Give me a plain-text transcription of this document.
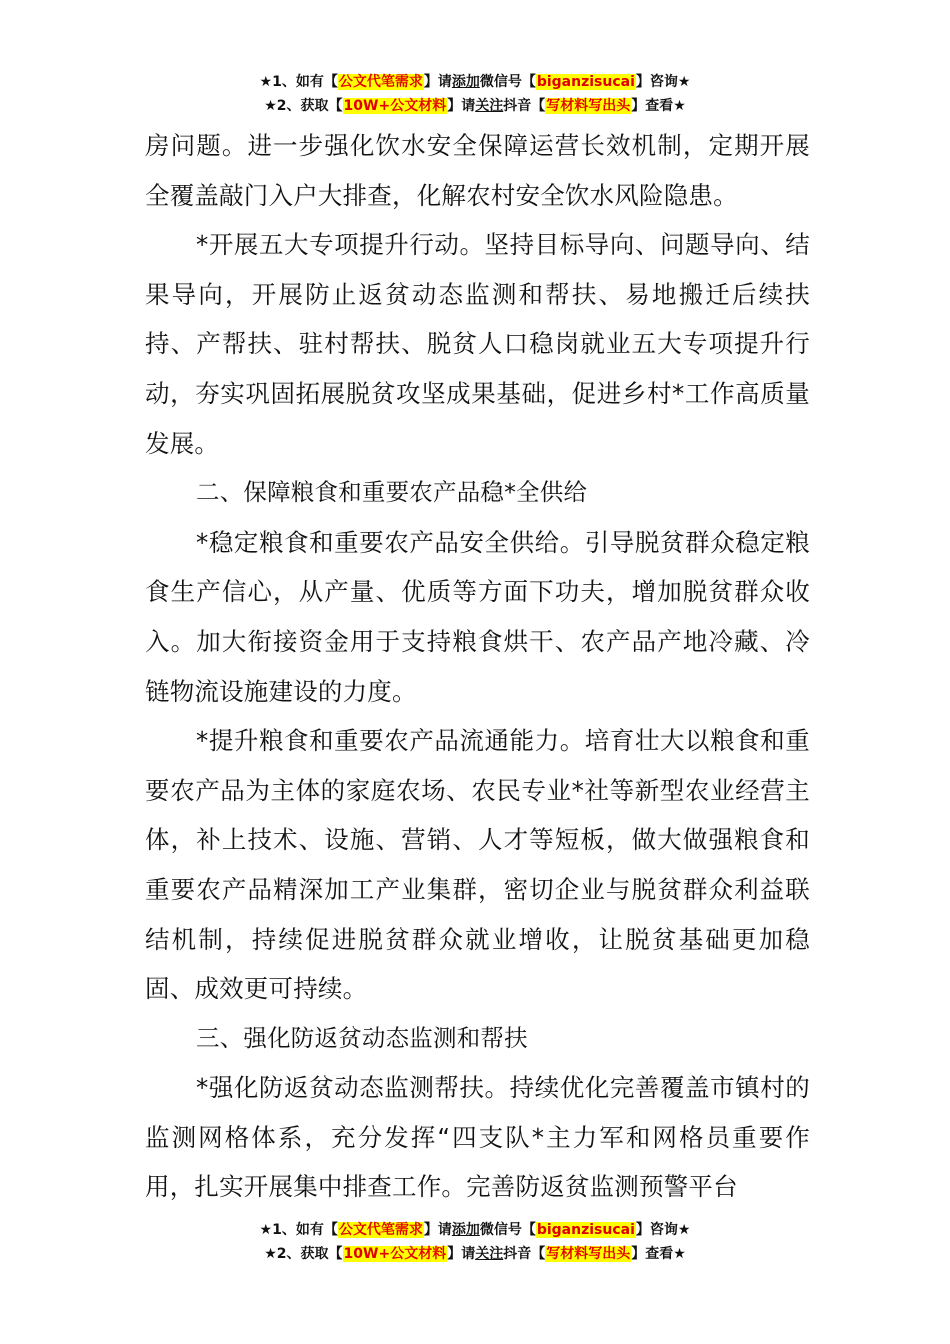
★1、如有【公文代笔需求】请添加微信号【biganzisucai】咨询★
★2、获取【10W+公文材料】请关注抖音【写材料写出头】查看★

房问题。进一步强化饮水安全保障运营长效机制，定期开展全覆盖敲门入户大排查，化解农村安全饮水风险隐患。

*开展五大专项提升行动。坚持目标导向、问题导向、结果导向，开展防止返贫动态监测和帮扶、易地搬迁后续扶持、产帮扶、驻村帮扶、脱贫人口稳岗就业五大专项提升行动，夯实巩固拓展脱贫攻坚成果基础，促进乡村*工作高质量发展。

二、保障粮食和重要农产品稳*全供给

*稳定粮食和重要农产品安全供给。引导脱贫群众稳定粮食生产信心，从产量、优质等方面下功夫，增加脱贫群众收入。加大衔接资金用于支持粮食烘干、农产品产地冷藏、冷链物流设施建设的力度。

*提升粮食和重要农产品流通能力。培育壮大以粮食和重要农产品为主体的家庭农场、农民专业*社等新型农业经营主体，补上技术、设施、营销、人才等短板，做大做强粮食和重要农产品精深加工产业集群，密切企业与脱贫群众利益联结机制，持续促进脱贫群众就业增收，让脱贫基础更加稳固、成效更可持续。

三、强化防返贫动态监测和帮扶

*强化防返贫动态监测帮扶。持续优化完善覆盖市镇村的监测网格体系，充分发挥“四支队*主力军和网格员重要作用，扎实开展集中排查工作。完善防返贫监测预警平台

★1、如有【公文代笔需求】请添加微信号【biganzisucai】咨询★
★2、获取【10W+公文材料】请关注抖音【写材料写出头】查看★
